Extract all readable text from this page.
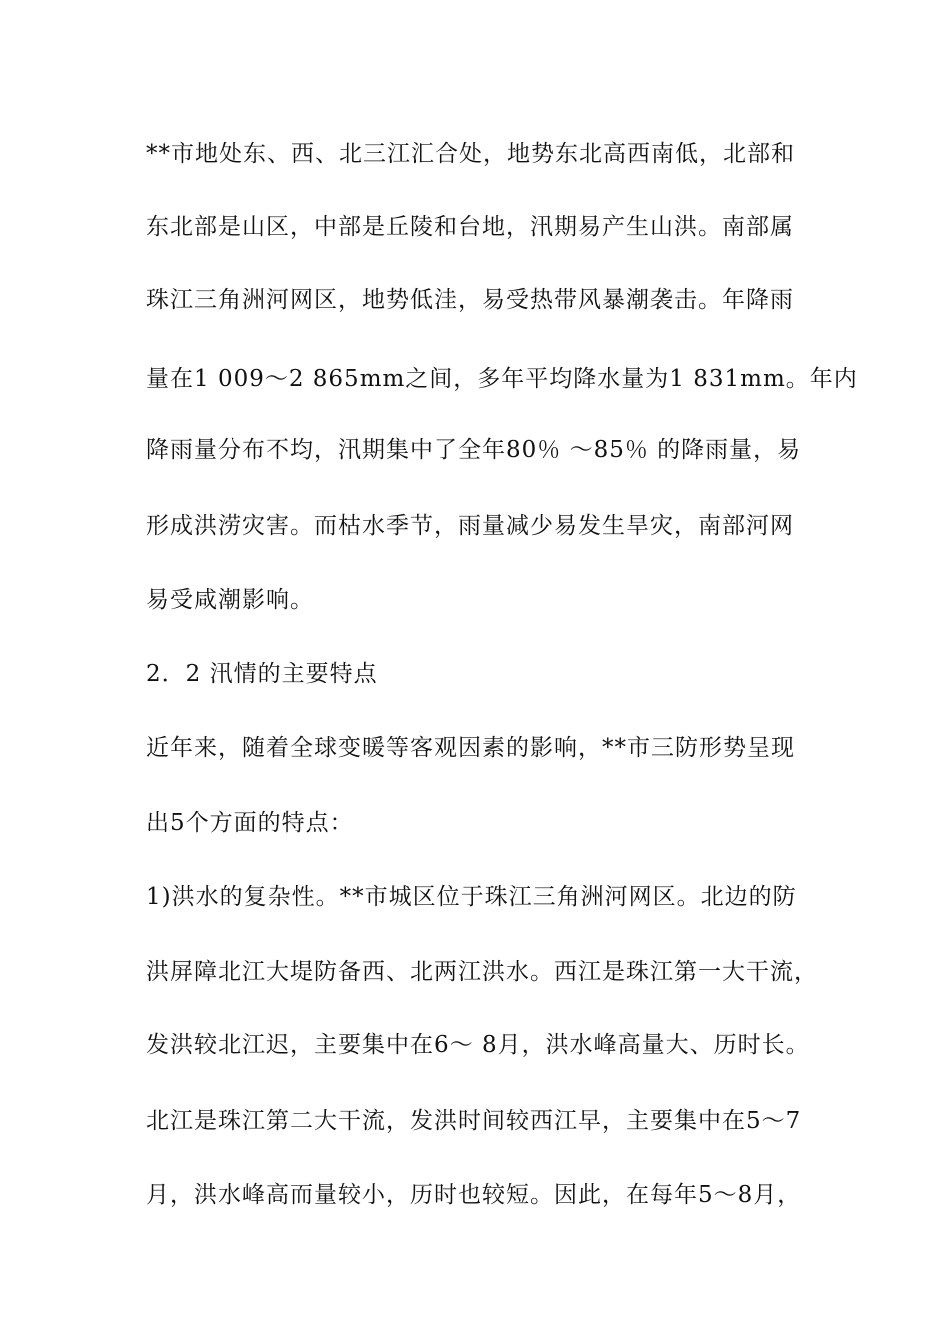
**市地处东、西、北三江汇合处，地势东北高西南低，北部和
东北部是山区，中部是丘陵和台地，汛期易产生山洪。南部属
珠江三角洲河网区，地势低洼，易受热带风暴潮袭击。年降雨
量在1 009～2 865mm之间，多年平均降水量为1 831mm。年内
降雨量分布不均，汛期集中了全年80％ ～85％ 的降雨量，易
形成洪涝灾害。而枯水季节，雨量减少易发生旱灾，南部河网
易受咸潮影响。
2．2 汛情的主要特点
近年来，随着全球变暖等客观因素的影响，**市三防形势呈现
出5个方面的特点：
1)洪水的复杂性。**市城区位于珠江三角洲河网区。北边的防
洪屏障北江大堤防备西、北两江洪水。西江是珠江第一大干流，
发洪较北江迟，主要集中在6～ 8月，洪水峰高量大、历时长。
北江是珠江第二大干流，发洪时间较西江早，主要集中在5～7
月，洪水峰高而量较小，历时也较短。因此，在每年5～8月，
